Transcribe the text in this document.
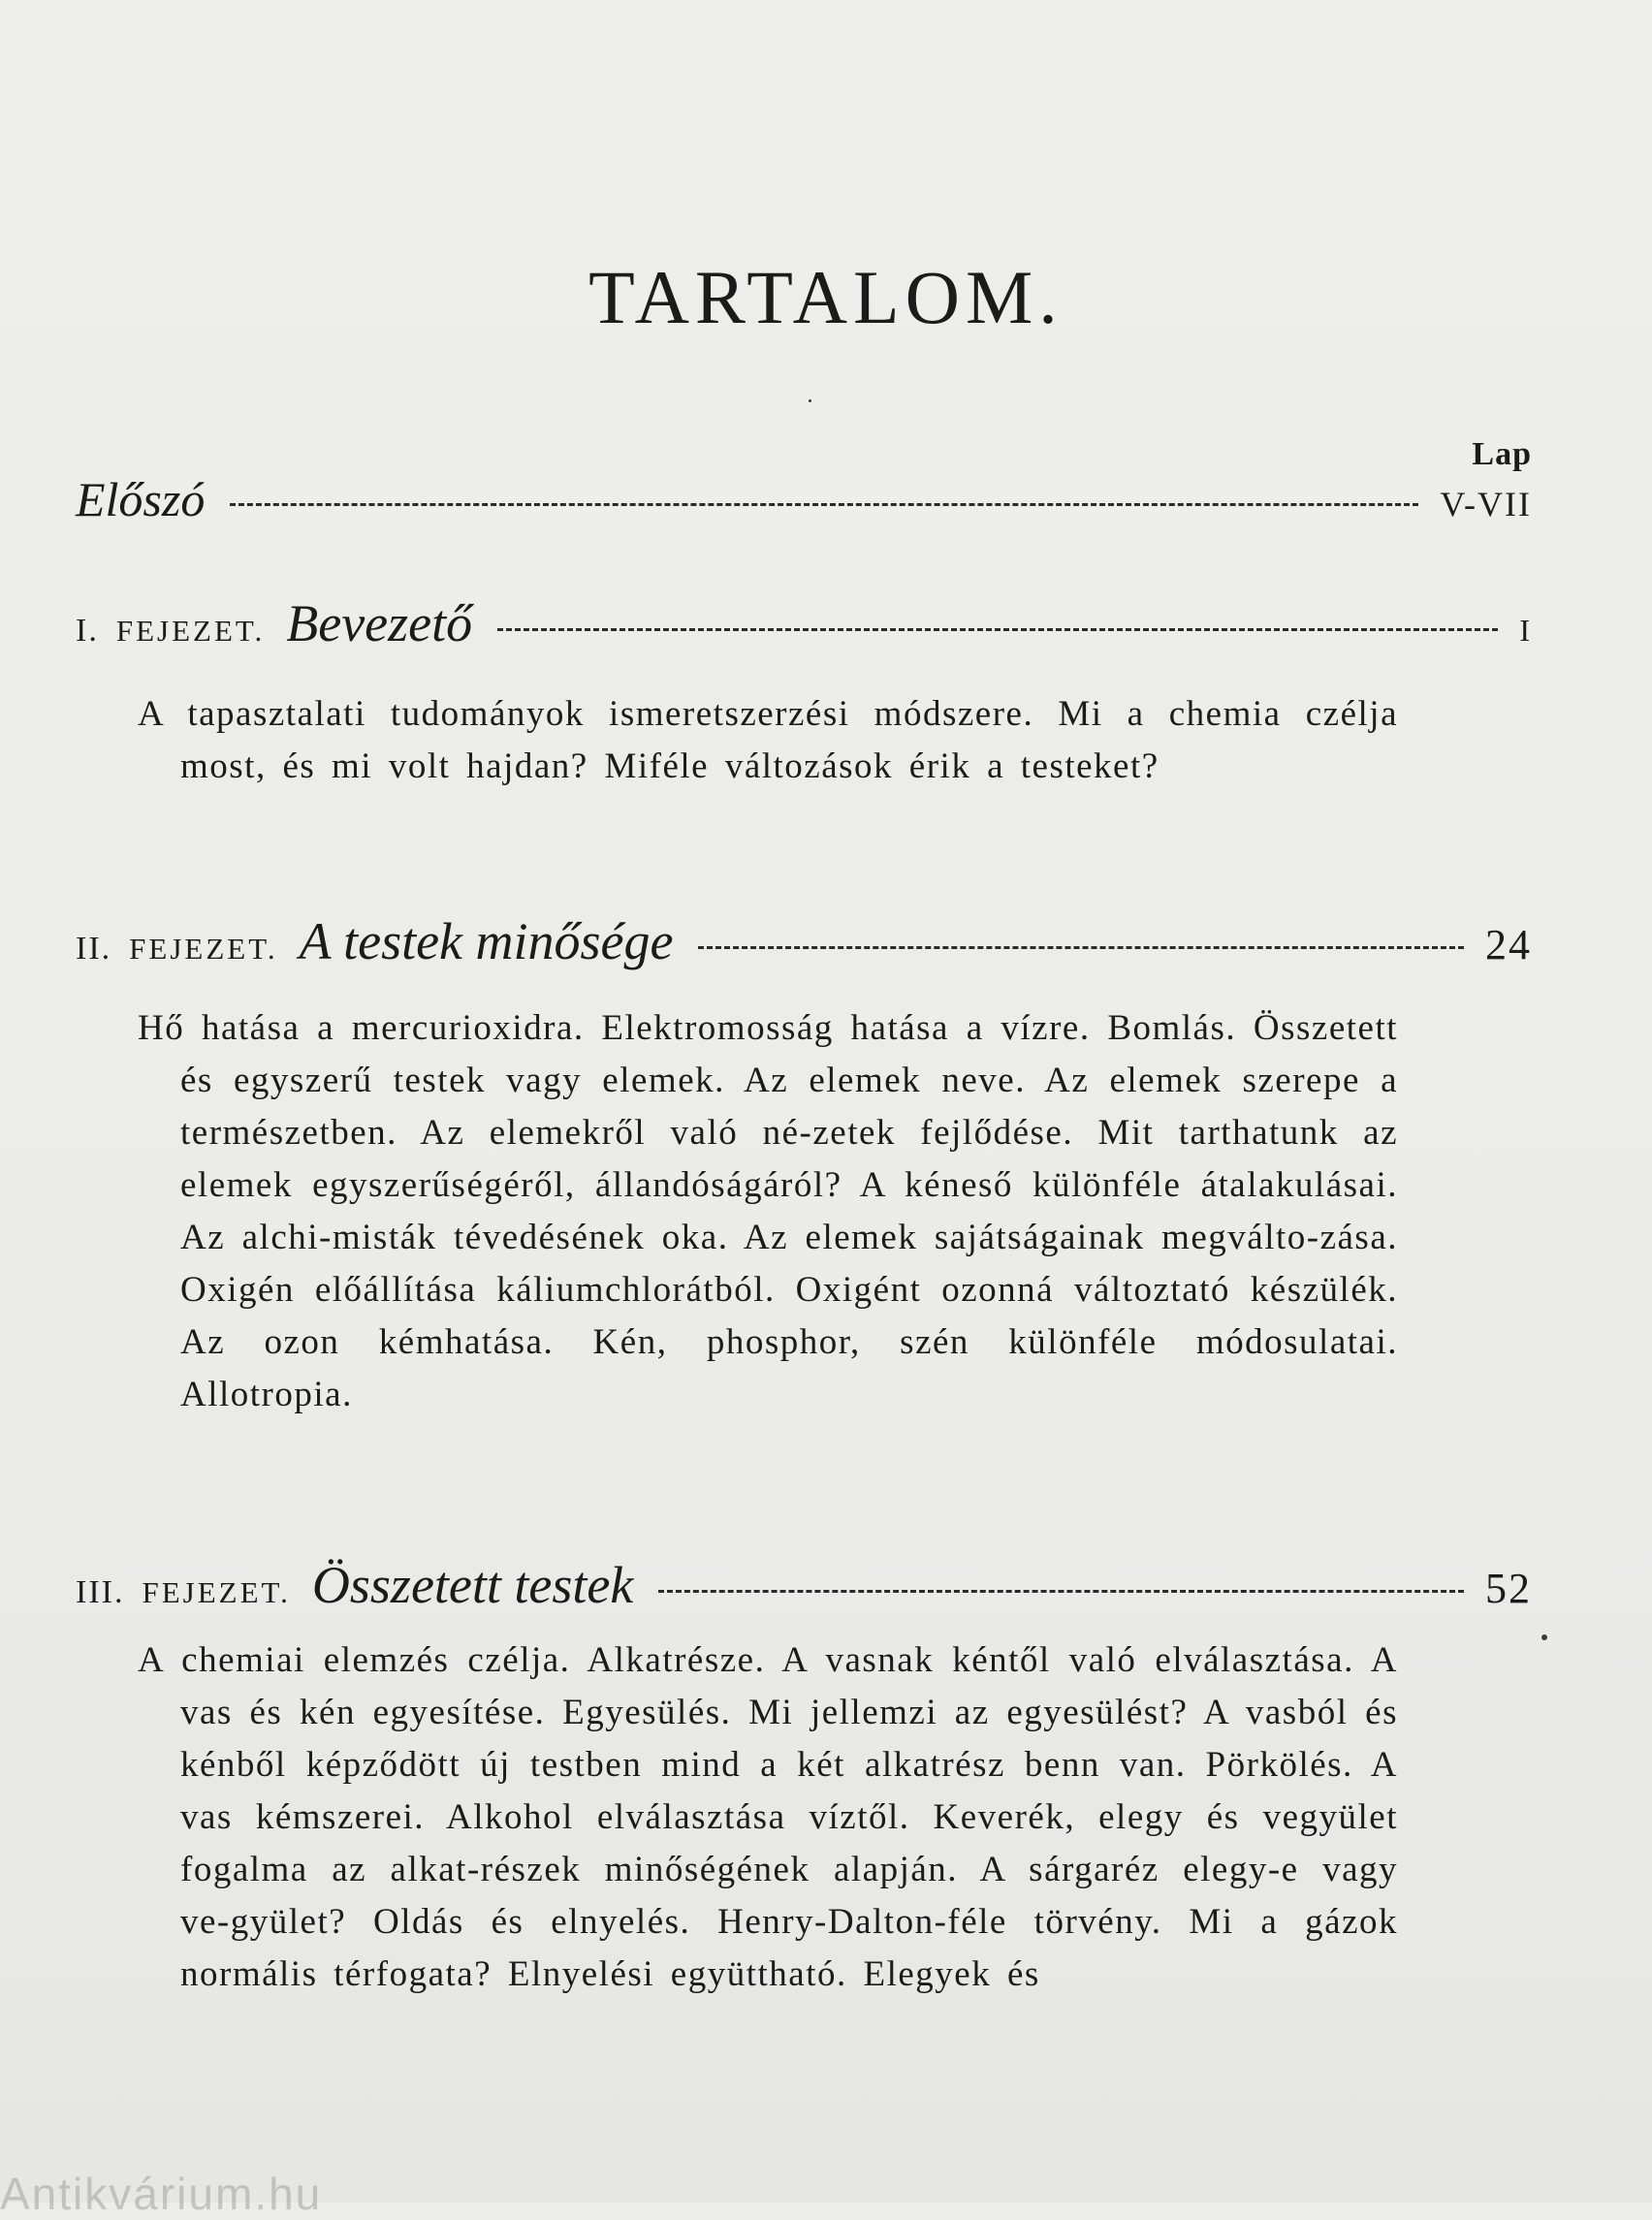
TARTALOM.
Lap
Előszó	V-VII
I. FEJEZET. Bevezető	I
A tapasztalati tudományok ismeretszerzési módszere. Mi a chemia czélja most, és mi volt hajdan? Miféle változások érik a testeket?
II. FEJEZET. A testek minősége	24
Hő hatása a mercurioxidra. Elektromosság hatása a vízre. Bomlás. Összetett és egyszerű testek vagy elemek. Az elemek neve. Az elemek szerepe a természetben. Az elemekről való né-zetek fejlődése. Mit tarthatunk az elemek egyszerűségéről, állandóságáról? A kéneső különféle átalakulásai. Az alchi-misták tévedésének oka. Az elemek sajátságainak megválto-zása. Oxigén előállítása káliumchlorátból. Oxigént ozonná változtató készülék. Az ozon kémhatása. Kén, phosphor, szén különféle módosulatai. Allotropia.
III. FEJEZET. Összetett testek	52
A chemiai elemzés czélja. Alkatrésze. A vasnak kéntől való elválasztása. A vas és kén egyesítése. Egyesülés. Mi jellemzi az egyesülést? A vasból és kénből képződött új testben mind a két alkatrész benn van. Pörkölés. A vas kémszerei. Alkohol elválasztása víztől. Keverék, elegy és vegyület fogalma az alkat-részek minőségének alapján. A sárgaréz elegy-e vagy ve-gyület? Oldás és elnyelés. Henry-Dalton-féle törvény. Mi a gázok normális térfogata? Elnyelési együttható. Elegyek és
Antikvárium.hu
